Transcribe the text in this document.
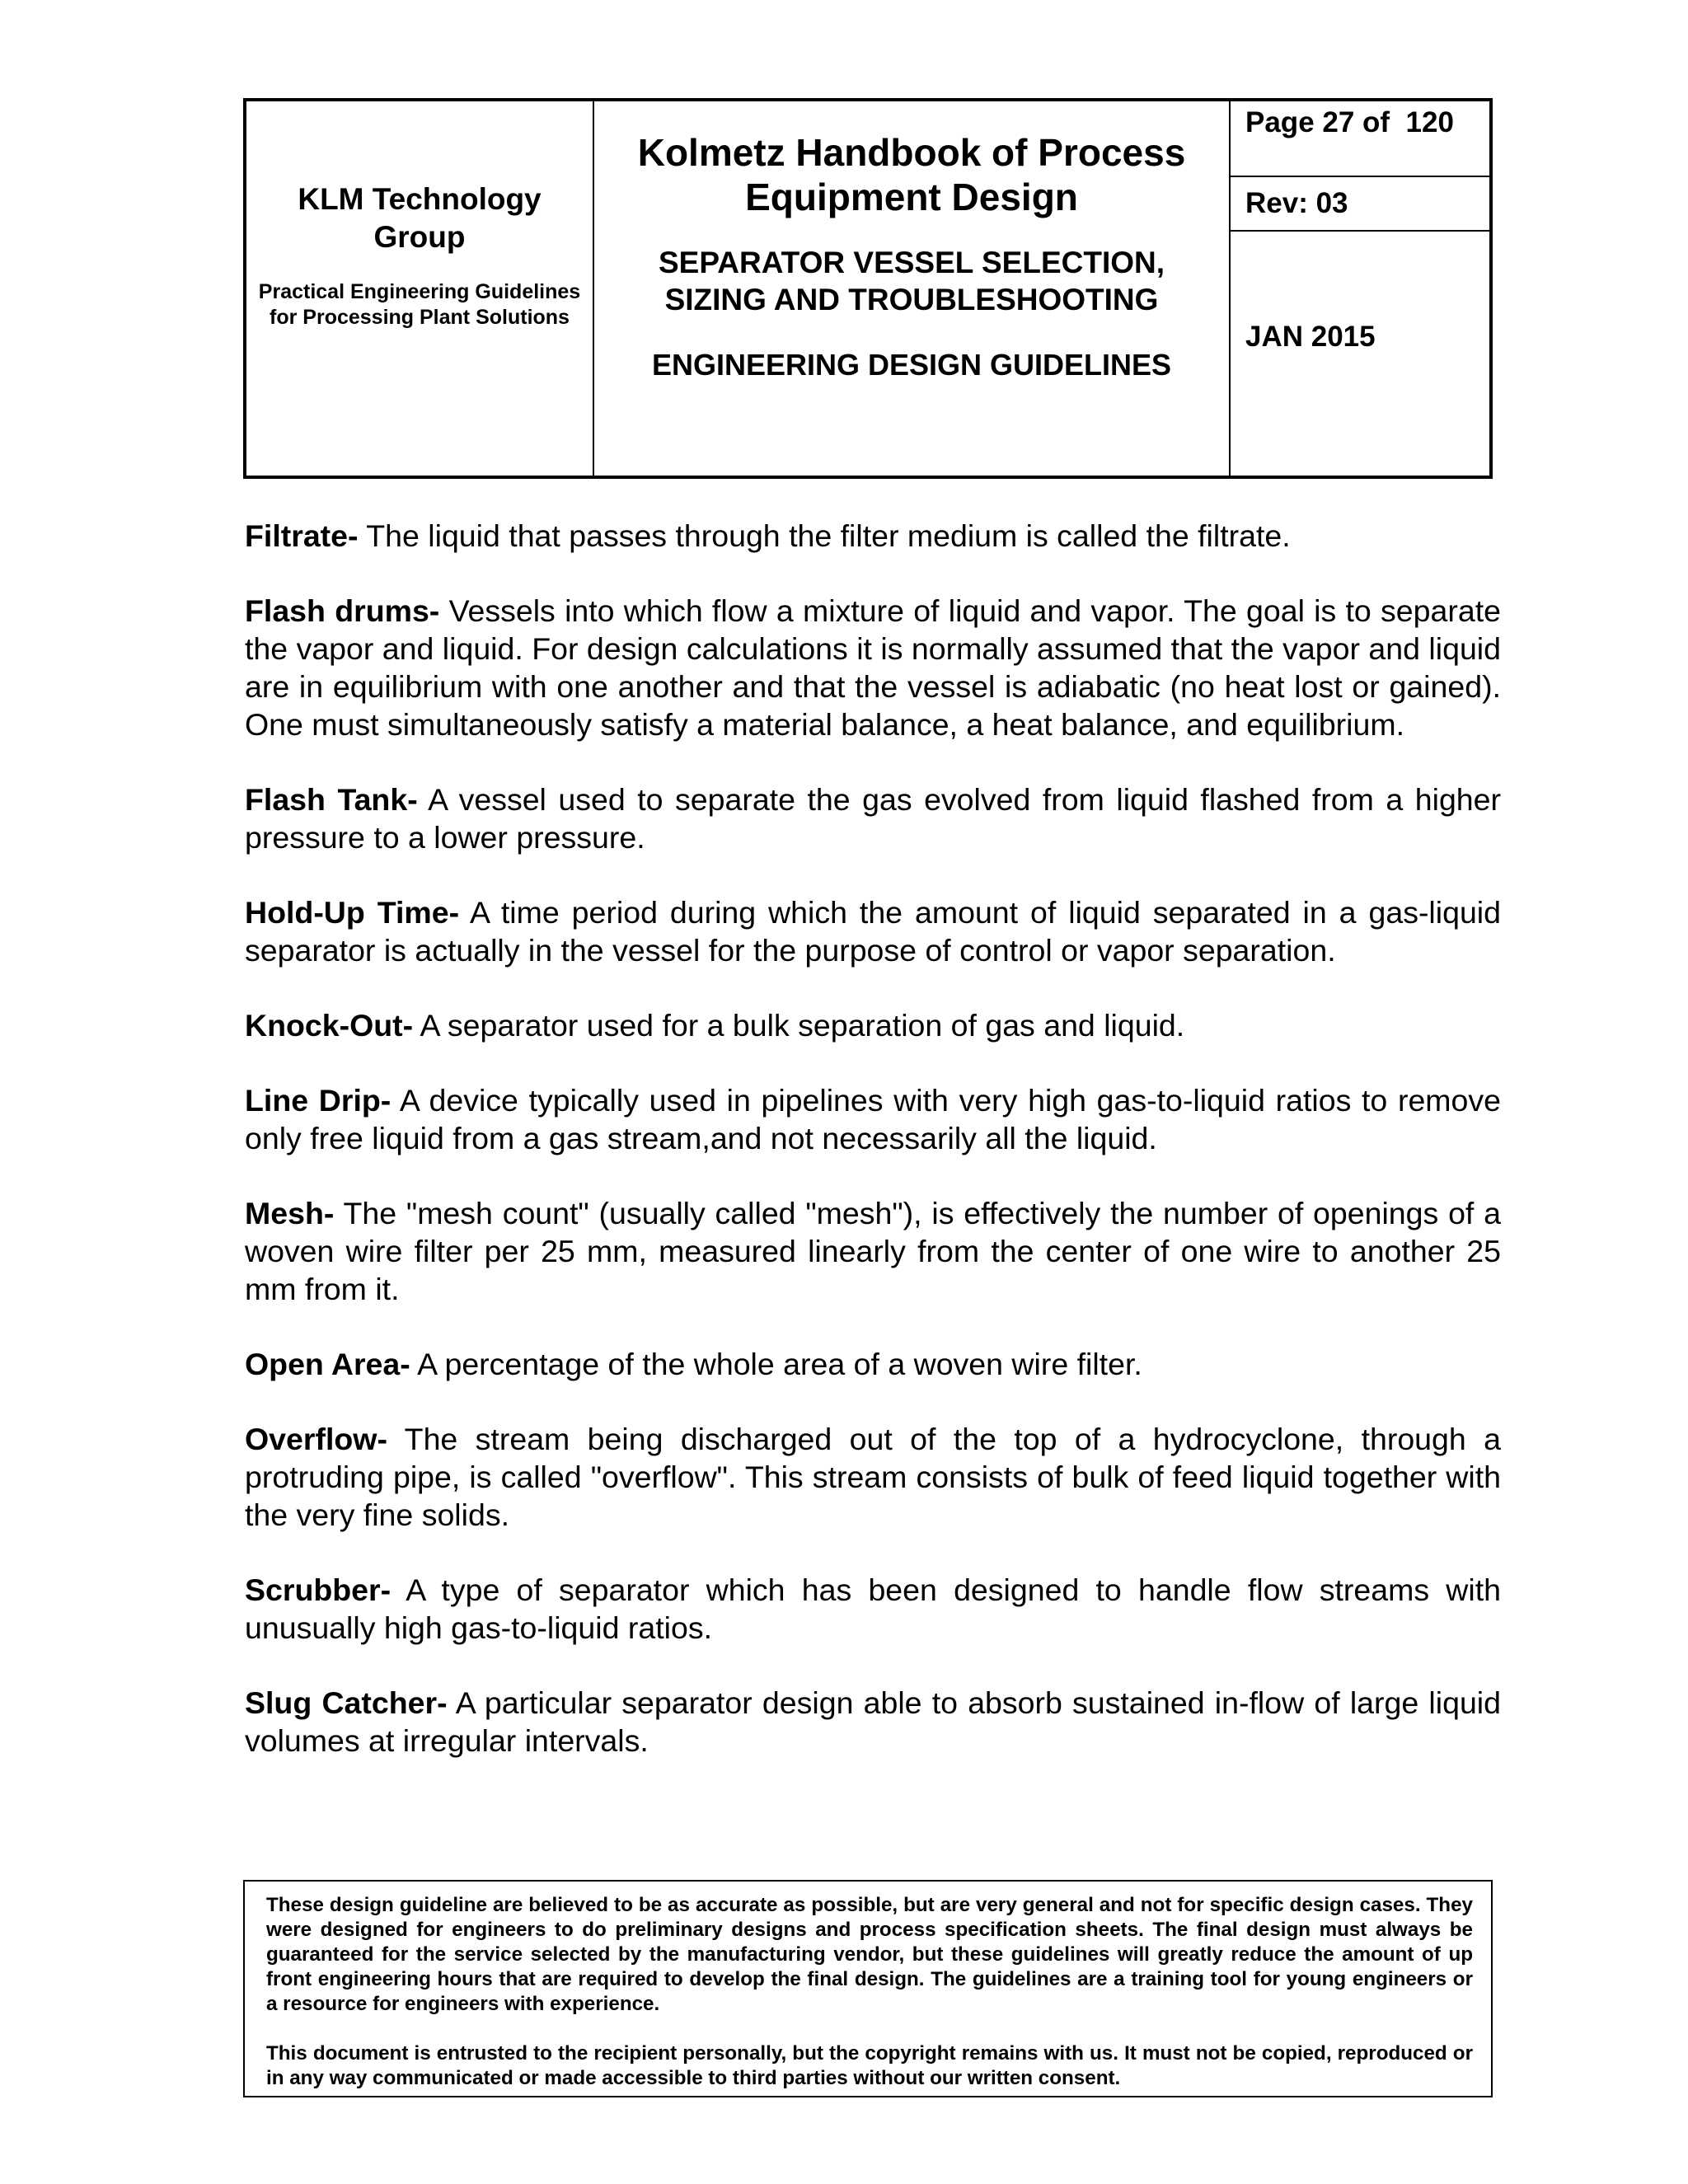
KLM Technology Group
Practical Engineering Guidelines for Processing Plant Solutions
Kolmetz Handbook of Process Equipment Design
SEPARATOR VESSEL SELECTION, SIZING AND TROUBLESHOOTING
ENGINEERING DESIGN GUIDELINES
Page 27 of  120
Rev: 03
JAN 2015

Filtrate- The liquid that passes through the filter medium is called the filtrate.

Flash drums- Vessels into which flow a mixture of liquid and vapor. The goal is to separate the vapor and liquid. For design calculations it is normally assumed that the vapor and liquid are in equilibrium with one another and that the vessel is adiabatic (no heat lost or gained). One must simultaneously satisfy a material balance, a heat balance, and equilibrium.

Flash Tank- A vessel used to separate the gas evolved from liquid flashed from a higher pressure to a lower pressure.

Hold-Up Time- A time period during which the amount of liquid separated in a gas-liquid separator is actually in the vessel for the purpose of control or vapor separation.

Knock-Out- A separator used for a bulk separation of gas and liquid.

Line Drip- A device typically used in pipelines with very high gas-to-liquid ratios to remove only free liquid from a gas stream,and not necessarily all the liquid.

Mesh- The "mesh count" (usually called "mesh"), is effectively the number of openings of a woven wire filter per 25 mm, measured linearly from the center of one wire to another 25 mm from it.

Open Area- A percentage of the whole area of a woven wire filter.

Overflow- The stream being discharged out of the top of a hydrocyclone, through a protruding pipe, is called "overflow". This stream consists of bulk of feed liquid together with the very fine solids.

Scrubber- A type of separator which has been designed to handle flow streams with unusually high gas-to-liquid ratios.

Slug Catcher- A particular separator design able to absorb sustained in-flow of large liquid volumes at irregular intervals.

These design guideline are believed to be as accurate as possible, but are very general and not for specific design cases. They were designed for engineers to do preliminary designs and process specification sheets. The final design must always be guaranteed for the service selected by the manufacturing vendor, but these guidelines will greatly reduce the amount of up front engineering hours that are required to develop the final design. The guidelines are a training tool for young engineers or a resource for engineers with experience.

This document is entrusted to the recipient personally, but the copyright remains with us. It must not be copied, reproduced or in any way communicated or made accessible to third parties without our written consent.
